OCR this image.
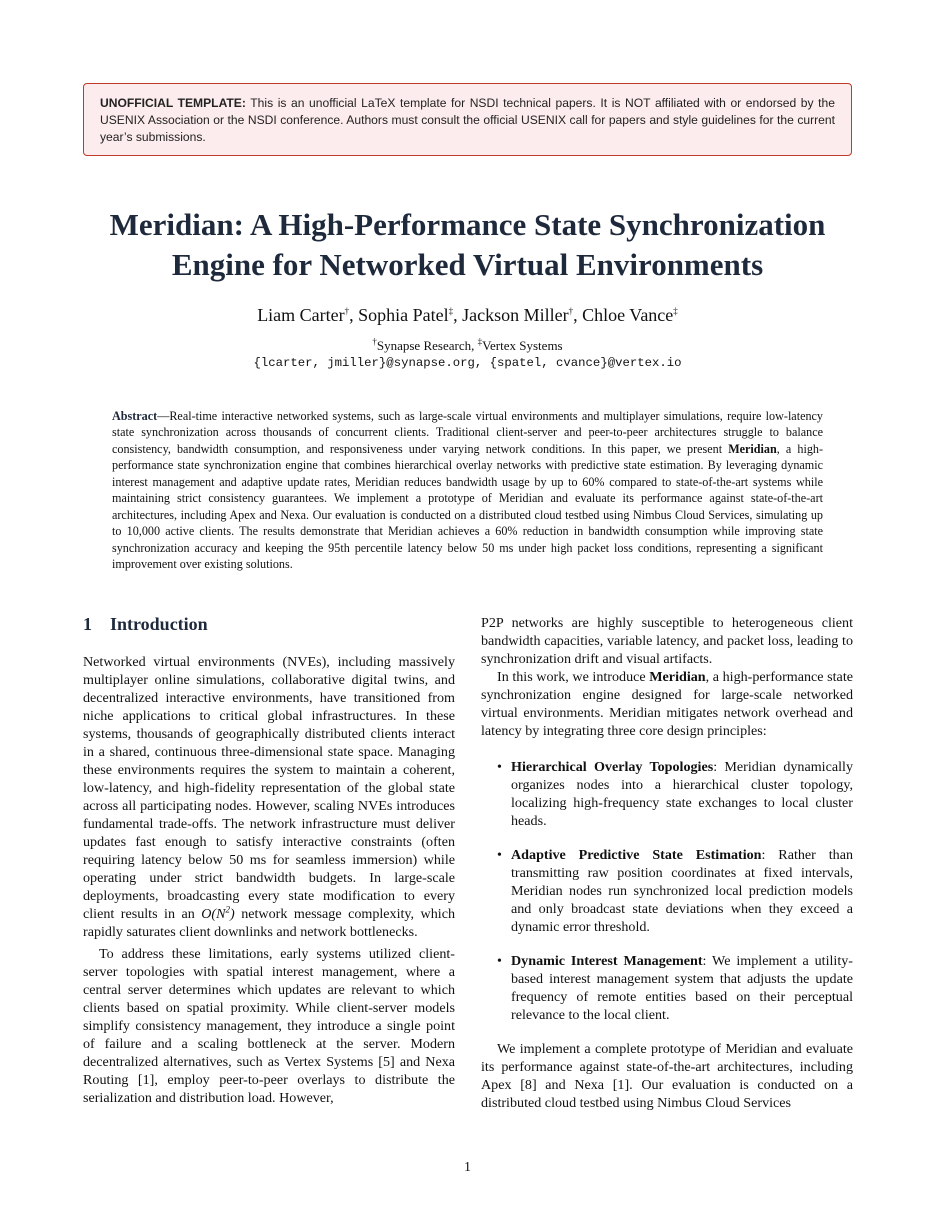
UNOFFICIAL TEMPLATE: This is an unofficial LaTeX template for NSDI technical papers. It is NOT affiliated with or endorsed by the USENIX Association or the NSDI conference. Authors must consult the official USENIX call for papers and style guidelines for the current year’s submissions.
Meridian: A High-Performance State Synchronization Engine for Networked Virtual Environments
Liam Carter†, Sophia Patel‡, Jackson Miller†, Chloe Vance‡
†Synapse Research, ‡Vertex Systems
{lcarter, jmiller}@synapse.org, {spatel, cvance}@vertex.io
Abstract—Real-time interactive networked systems, such as large-scale virtual environments and multiplayer simulations, require low-latency state synchronization across thousands of concurrent clients. Traditional client-server and peer-to-peer architectures struggle to balance consistency, bandwidth consumption, and responsiveness under varying network conditions. In this paper, we present Meridian, a high-performance state synchronization engine that combines hierarchical overlay networks with predictive state estimation. By leveraging dynamic interest management and adaptive update rates, Meridian reduces bandwidth usage by up to 60% compared to state-of-the-art systems while maintaining strict consistency guarantees. We implement a prototype of Meridian and evaluate its performance against state-of-the-art architectures, including Apex and Nexa. Our evaluation is conducted on a distributed cloud testbed using Nimbus Cloud Services, simulating up to 10,000 active clients. The results demonstrate that Meridian achieves a 60% reduction in bandwidth consumption while improving state synchronization accuracy and keeping the 95th percentile latency below 50 ms under high packet loss conditions, representing a significant improvement over existing solutions.
1 Introduction

Networked virtual environments (NVEs), including massively multiplayer online simulations, collaborative digital twins, and decentralized interactive environments, have transitioned from niche applications to critical global infrastructures. In these systems, thousands of geographically distributed clients interact in a shared, continuous three-dimensional state space. Managing these environments requires the system to maintain a coherent, low-latency, and high-fidelity representation of the global state across all participating nodes. However, scaling NVEs introduces fundamental trade-offs. The network infrastructure must deliver updates fast enough to satisfy interactive constraints (often requiring latency below 50 ms for seamless immersion) while operating under strict bandwidth budgets. In large-scale deployments, broadcasting every state modification to every client results in an $O(N^2)$ network message complexity, which rapidly saturates client downlinks and network bottlenecks.

To address these limitations, early systems utilized client-server topologies with spatial interest management, where a central server determines which updates are relevant to which clients based on spatial proximity. While client-server models simplify consistency management, they introduce a single point of failure and a scaling bottleneck at the server. Modern decentralized alternatives, such as Vertex Systems [5] and Nexa Routing [1], employ peer-to-peer overlays to distribute the serialization and distribution load. However,

P2P networks are highly susceptible to heterogeneous client bandwidth capacities, variable latency, and packet loss, leading to synchronization drift and visual artifacts.

In this work, we introduce Meridian, a high-performance state synchronization engine designed for large-scale networked virtual environments. Meridian mitigates network overhead and latency by integrating three core design principles:

• Hierarchical Overlay Topologies: Meridian dynamically organizes nodes into a hierarchical cluster topology, localizing high-frequency state exchanges to local cluster heads.
• Adaptive Predictive State Estimation: Rather than transmitting raw position coordinates at fixed intervals, Meridian nodes run synchronized local prediction models and only broadcast state deviations when they exceed a dynamic error threshold.
• Dynamic Interest Management: We implement a utility-based interest management system that adjusts the update frequency of remote entities based on their perceptual relevance to the local client.

We implement a complete prototype of Meridian and evaluate its performance against state-of-the-art architectures, including Apex [8] and Nexa [1]. Our evaluation is conducted on a distributed cloud testbed using Nimbus Cloud Services

1
